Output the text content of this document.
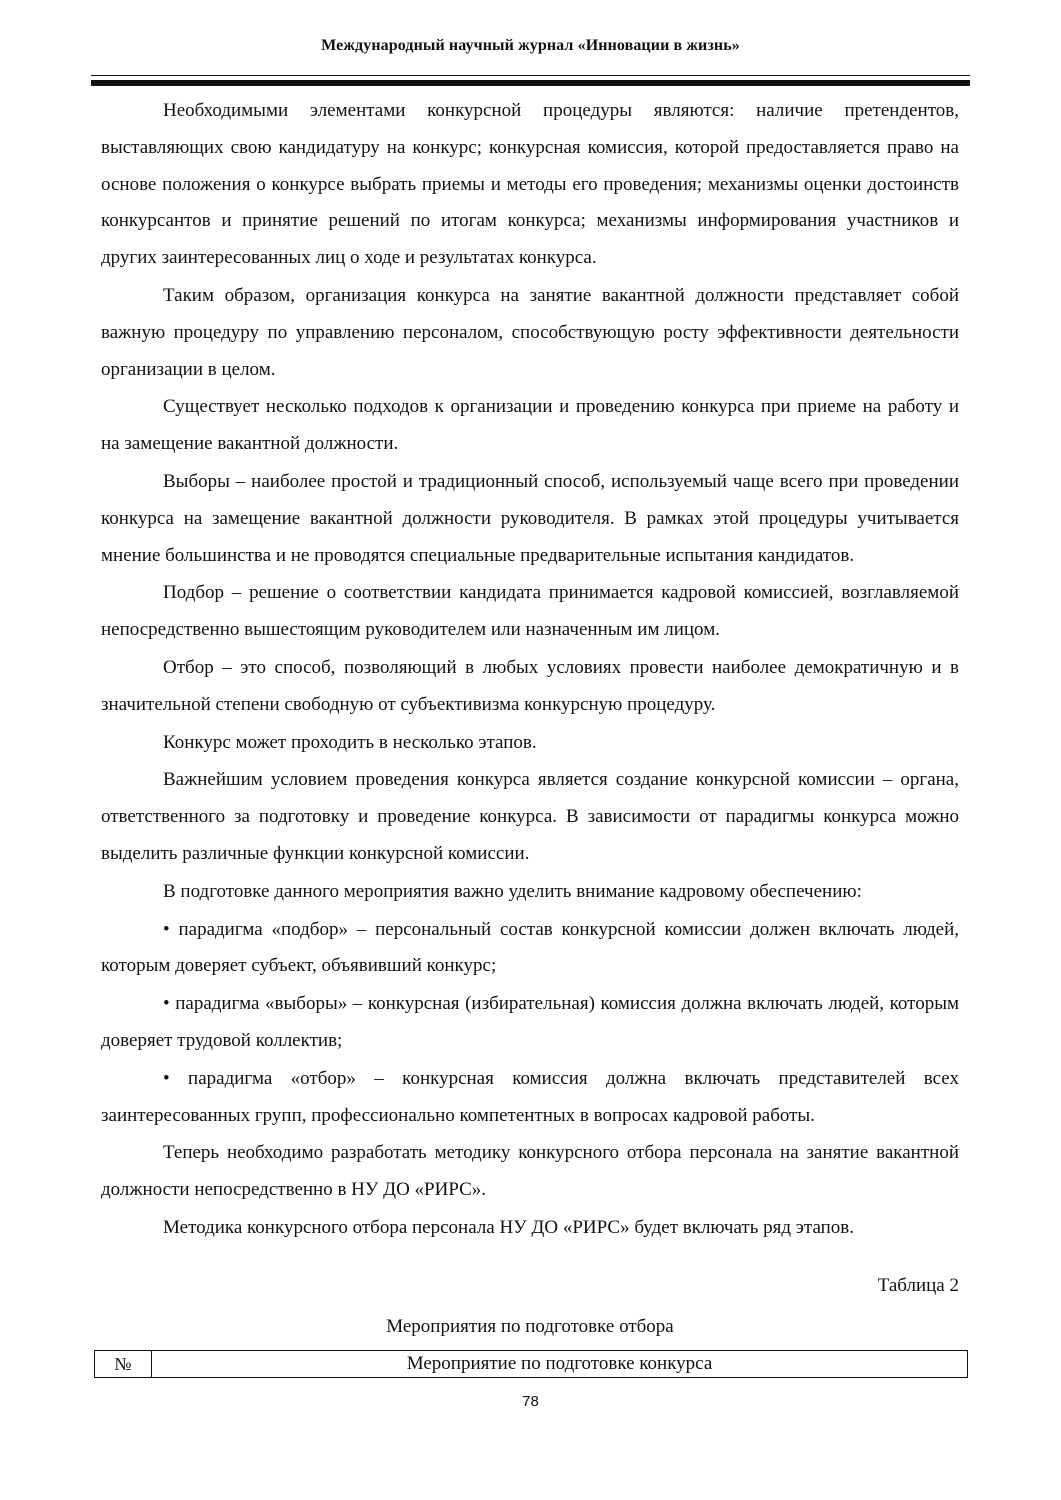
Международный научный журнал «Инновации в жизнь»

Необходимыми элементами конкурсной процедуры являются: наличие претендентов, выставляющих свою кандидатуру на конкурс; конкурсная комиссия, которой предоставляется право на основе положения о конкурсе выбрать приемы и методы его проведения; механизмы оценки достоинств конкурсантов и принятие решений по итогам конкурса; механизмы информирования участников и других заинтересованных лиц о ходе и результатах конкурса.

Таким образом, организация конкурса на занятие вакантной должности представляет собой важную процедуру по управлению персоналом, способствующую росту эффективности деятельности организации в целом.

Существует несколько подходов к организации и проведению конкурса при приеме на работу и на замещение вакантной должности.

Выборы – наиболее простой и традиционный способ, используемый чаще всего при проведении конкурса на замещение вакантной должности руководителя. В рамках этой процедуры учитывается мнение большинства и не проводятся специальные предварительные испытания кандидатов.

Подбор – решение о соответствии кандидата принимается кадровой комиссией, возглавляемой непосредственно вышестоящим руководителем или назначенным им лицом.

Отбор – это способ, позволяющий в любых условиях провести наиболее демократичную и в значительной степени свободную от субъективизма конкурсную процедуру.

Конкурс может проходить в несколько этапов.

Важнейшим условием проведения конкурса является создание конкурсной комиссии – органа, ответственного за подготовку и проведение конкурса. В зависимости от парадигмы конкурса можно выделить различные функции конкурсной комиссии.

В подготовке данного мероприятия важно уделить внимание кадровому обеспечению:

• парадигма «подбор» – персональный состав конкурсной комиссии должен включать людей, которым доверяет субъект, объявивший конкурс;

• парадигма «выборы» – конкурсная (избирательная) комиссия должна включать людей, которым доверяет трудовой коллектив;

• парадигма «отбор» – конкурсная комиссия должна включать представителей всех заинтересованных групп, профессионально компетентных в вопросах кадровой работы.

Теперь необходимо разработать методику конкурсного отбора персонала на занятие вакантной должности непосредственно в НУ ДО «РИРС».

Методика конкурсного отбора персонала НУ ДО «РИРС» будет включать ряд этапов.

Таблица 2
Мероприятия по подготовке отбора
№	Мероприятие по подготовке конкурса
78
